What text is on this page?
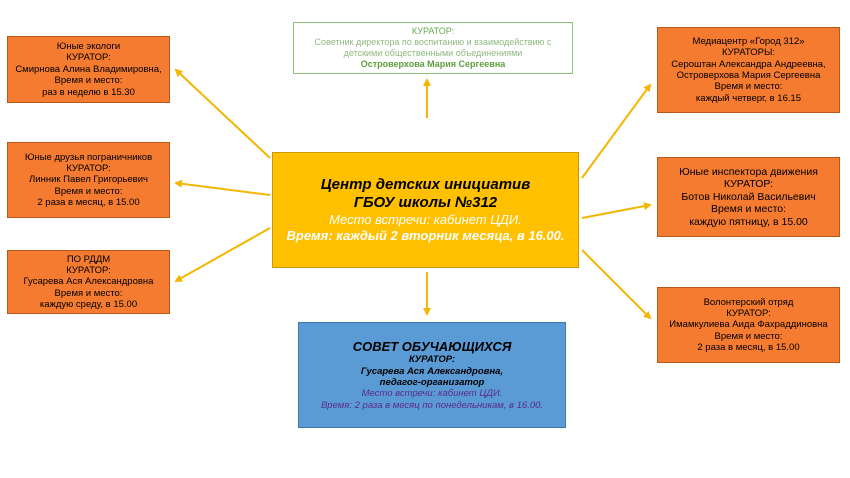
КУРАТОР:
Советник директора по воспитанию и взаимодействию с
детскими общественными объединениями
Островерхова Мария Сергеевна
Центр детских инициатив
ГБОУ школы №312
Место встречи: кабинет ЦДИ.
Время: каждый 2 вторник месяца, в 16.00.
СОВЕТ ОБУЧАЮЩИХСЯ
КУРАТОР:
Гусарева Ася Александровна,
педагог-организатор
Место встречи: кабинет ЦДИ.
Время: 2 раза в месяц по понедельникам, в 16.00.
Юные экологи
КУРАТОР:
Смирнова Алина Владимировна,
Время и место:
раз в неделю в 15.30
Юные друзья пограничников
КУРАТОР:
Линник Павел Григорьевич
Время и место:
2 раза в месяц, в 15.00
ПО РДДМ
КУРАТОР:
Гусарева Ася Александровна
Время и место:
каждую среду, в 15.00
Медиацентр «Город 312»
КУРАТОРЫ:
Сероштан Александра Андреевна,
Островерхова Мария Сергеевна
Время и место:
каждый четверг, в 16.15
Юные инспектора движения
КУРАТОР:
Ботов Николай Васильевич
Время и место:
каждую пятницу, в 15.00
Волонтерский отряд
КУРАТОР:
Имамкулиева Аида Фахраддиновна
Время и место:
2 раза в месяц, в 15.00
